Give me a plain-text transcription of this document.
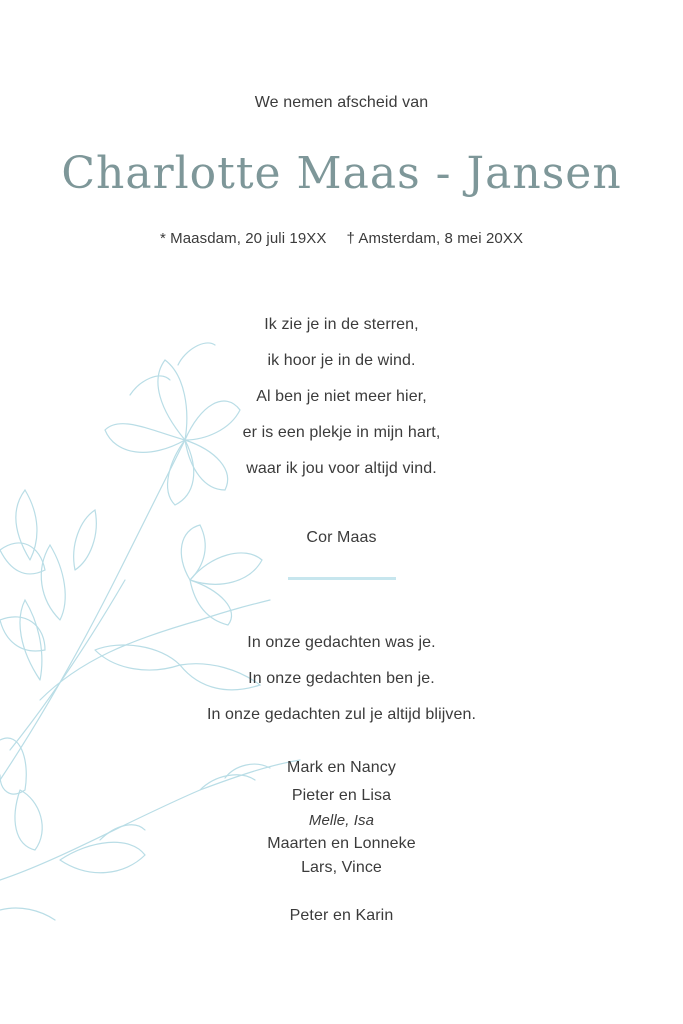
We nemen afscheid van
Charlotte Maas - Jansen
* Maasdam, 20 juli 19XX † Amsterdam, 8 mei 20XX
Ik zie je in de sterren,
ik hoor je in de wind.
Al ben je niet meer hier,
er is een plekje in mijn hart,
waar ik jou voor altijd vind.
Cor Maas
In onze gedachten was je.
In onze gedachten ben je.
In onze gedachten zul je altijd blijven.
Mark en Nancy
Pieter en Lisa
Melle, Isa
Maarten en Lonneke
Lars, Vince
Peter en Karin
